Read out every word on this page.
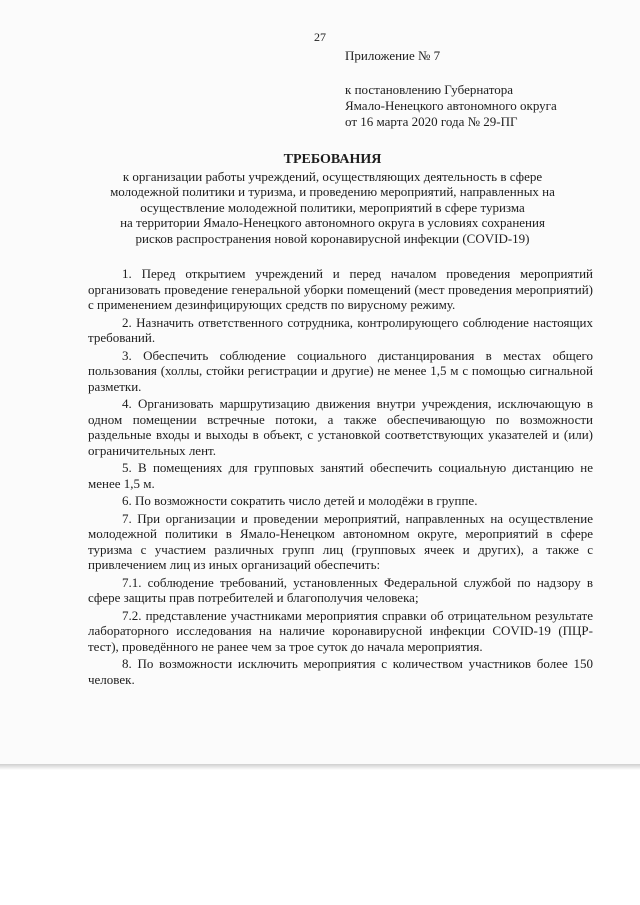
27
Приложение № 7
к постановлению Губернатора
Ямало-Ненецкого автономного округа
от 16 марта 2020 года № 29-ПГ
ТРЕБОВАНИЯ
к организации работы учреждений, осуществляющих деятельность в сфере
молодежной политики и туризма, и проведению мероприятий, направленных на
осуществление молодежной политики, мероприятий в сфере туризма
на территории Ямало-Ненецкого автономного округа в условиях сохранения
рисков распространения новой коронавирусной инфекции (COVID-19)

1. Перед открытием учреждений и перед началом проведения мероприятий организовать проведение генеральной уборки помещений (мест проведения мероприятий) с применением дезинфицирующих средств по вирусному режиму.

2. Назначить ответственного сотрудника, контролирующего соблюдение настоящих требований.

3. Обеспечить соблюдение социального дистанцирования в местах общего пользования (холлы, стойки регистрации и другие) не менее 1,5 м с помощью сигнальной разметки.

4. Организовать маршрутизацию движения внутри учреждения, исключающую в одном помещении встречные потоки, а также обеспечивающую по возможности раздельные входы и выходы в объект, с установкой соответствующих указателей и (или) ограничительных лент.

5. В помещениях для групповых занятий обеспечить социальную дистанцию не менее 1,5 м.

6. По возможности сократить число детей и молодёжи в группе.

7. При организации и проведении мероприятий, направленных на осуществление молодежной политики в Ямало-Ненецком автономном округе, мероприятий в сфере туризма с участием различных групп лиц (групповых ячеек и других), а также с привлечением лиц из иных организаций обеспечить:

7.1. соблюдение требований, установленных Федеральной службой по надзору в сфере защиты прав потребителей и благополучия человека;

7.2. представление участниками мероприятия справки об отрицательном результате лабораторного исследования на наличие коронавирусной инфекции COVID-19 (ПЦР-тест), проведённого не ранее чем за трое суток до начала мероприятия.

8. По возможности исключить мероприятия с количеством участников более 150 человек.
